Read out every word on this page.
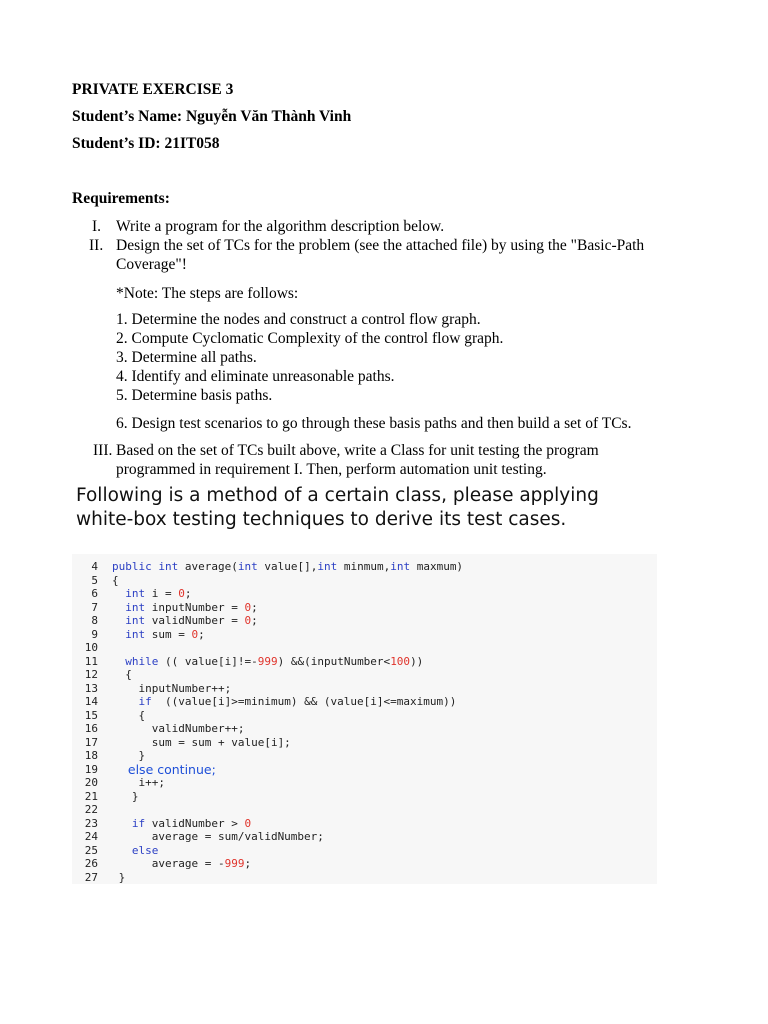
PRIVATE EXERCISE 3
Student’s Name: Nguyễn Văn Thành Vinh
Student’s ID: 21IT058
Requirements:
I. Write a program for the algorithm description below.
II. Design the set of TCs for the problem (see the attached file) by using the "Basic-Path
Coverage"!
*Note: The steps are follows:
1. Determine the nodes and construct a control flow graph.
2. Compute Cyclomatic Complexity of the control flow graph.
3. Determine all paths.
4. Identify and eliminate unreasonable paths.
5. Determine basis paths.
6. Design test scenarios to go through these basis paths and then build a set of TCs.
III. Based on the set of TCs built above, write a Class for unit testing the program
programmed in requirement I. Then, perform automation unit testing.
Following is a method of a certain class, please applying
white-box testing techniques to derive its test cases.
4 public int average(int value[],int minmum,int maxmum)
5 {
6	int i = 0;
7	int inputNumber = 0;
8	int validNumber = 0;
9	int sum = 0;
10
11	while (( value[i]!=-999) &&(inputNumber<100))
12 {
13 inputNumber++;
14	if  ((value[i]>=minimum) && (value[i]<=maximum))
15 {
16 validNumber++;
17 sum = sum + value[i];
18 }
19 else continue;
20 i++;
21 }
22
23	if validNumber > 0
24 average = sum/validNumber;
25	else
26 average = -999;
27 }
